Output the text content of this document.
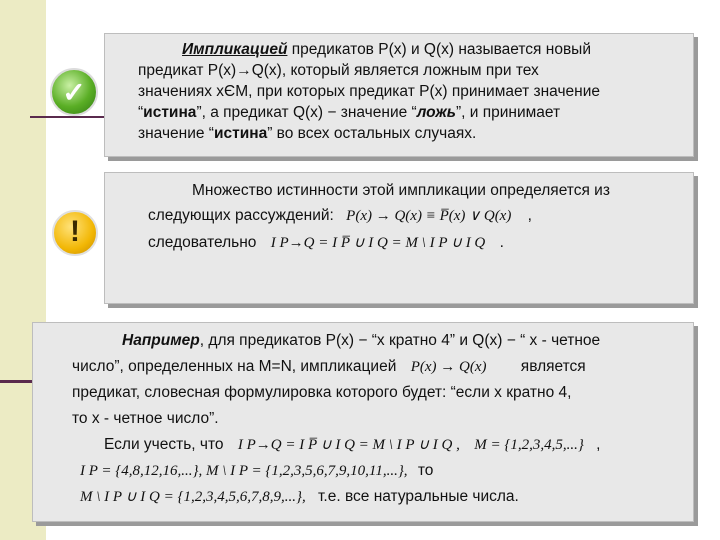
✓
Импликацией предикатов Р(х) и Q(x) называется новый
предикат Р(х)→Q(x), который является ложным при тех
значениях хЄМ, при которых предикат Р(х) принимает значение
“истина”, а предикат Q(x) − значение “ложь”, и принимает
значение “истина” во всех остальных случаях.
!
Множество истинности этой импликации определяется из
следующих рассуждений: P(x) → Q(x) ≡ P̅(x) ∨ Q(x) ,
следовательно I P→Q = I P̅ ∪ I Q = M \ I P ∪ I Q .
Например, для предикатов Р(х) − “х кратно 4” и Q(x) − “ х - четное
число”, определенных на M=N, импликацией P(x) → Q(x) является
предикат, словесная формулировка которого будет: “если х кратно 4,
то х - четное число”.
Если учесть, что I P→Q = I P̅ ∪ I Q = M \ I P ∪ I Q , M = {1,2,3,4,5,...} ,
I P = {4,8,12,16,...}, M \ I P = {1,2,3,5,6,7,9,10,11,...}, то
M \ I P ∪ I Q = {1,2,3,4,5,6,7,8,9,...}, т.е. все натуральные числа.
